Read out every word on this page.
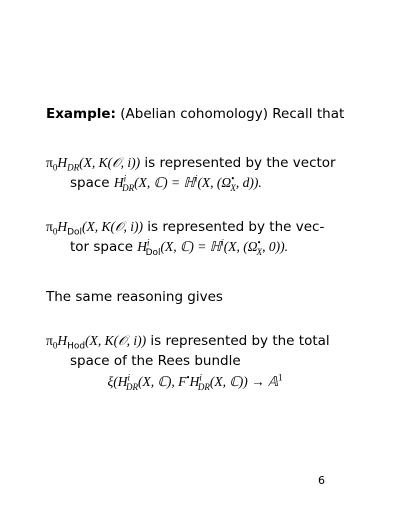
Example: (Abelian cohomology) Recall that
$\pi_0H_{DR}(X$, K(𝒪, i)) is represented by the vector
space $H^i_{DR}(X$, ℂ) = ℍ$^i$(X, ($\Omega^•_X$, d)).
$\pi_0H_{Dol}(X$, K(𝒪, i)) is represented by the vec-
tor space $H^i_{Dol}(X$, ℂ) = ℍ$^i$(X, ($\Omega^•_X$, 0)).
The same reasoning gives
$\pi_0H_{Hod}(X$, K(𝒪, i)) is represented by the total
space of the Rees bundle
$\xi(H^i_{DR}(X$, ℂ), $F^•H^i_{DR}(X$, ℂ)) → 𝔸$^1$
6
